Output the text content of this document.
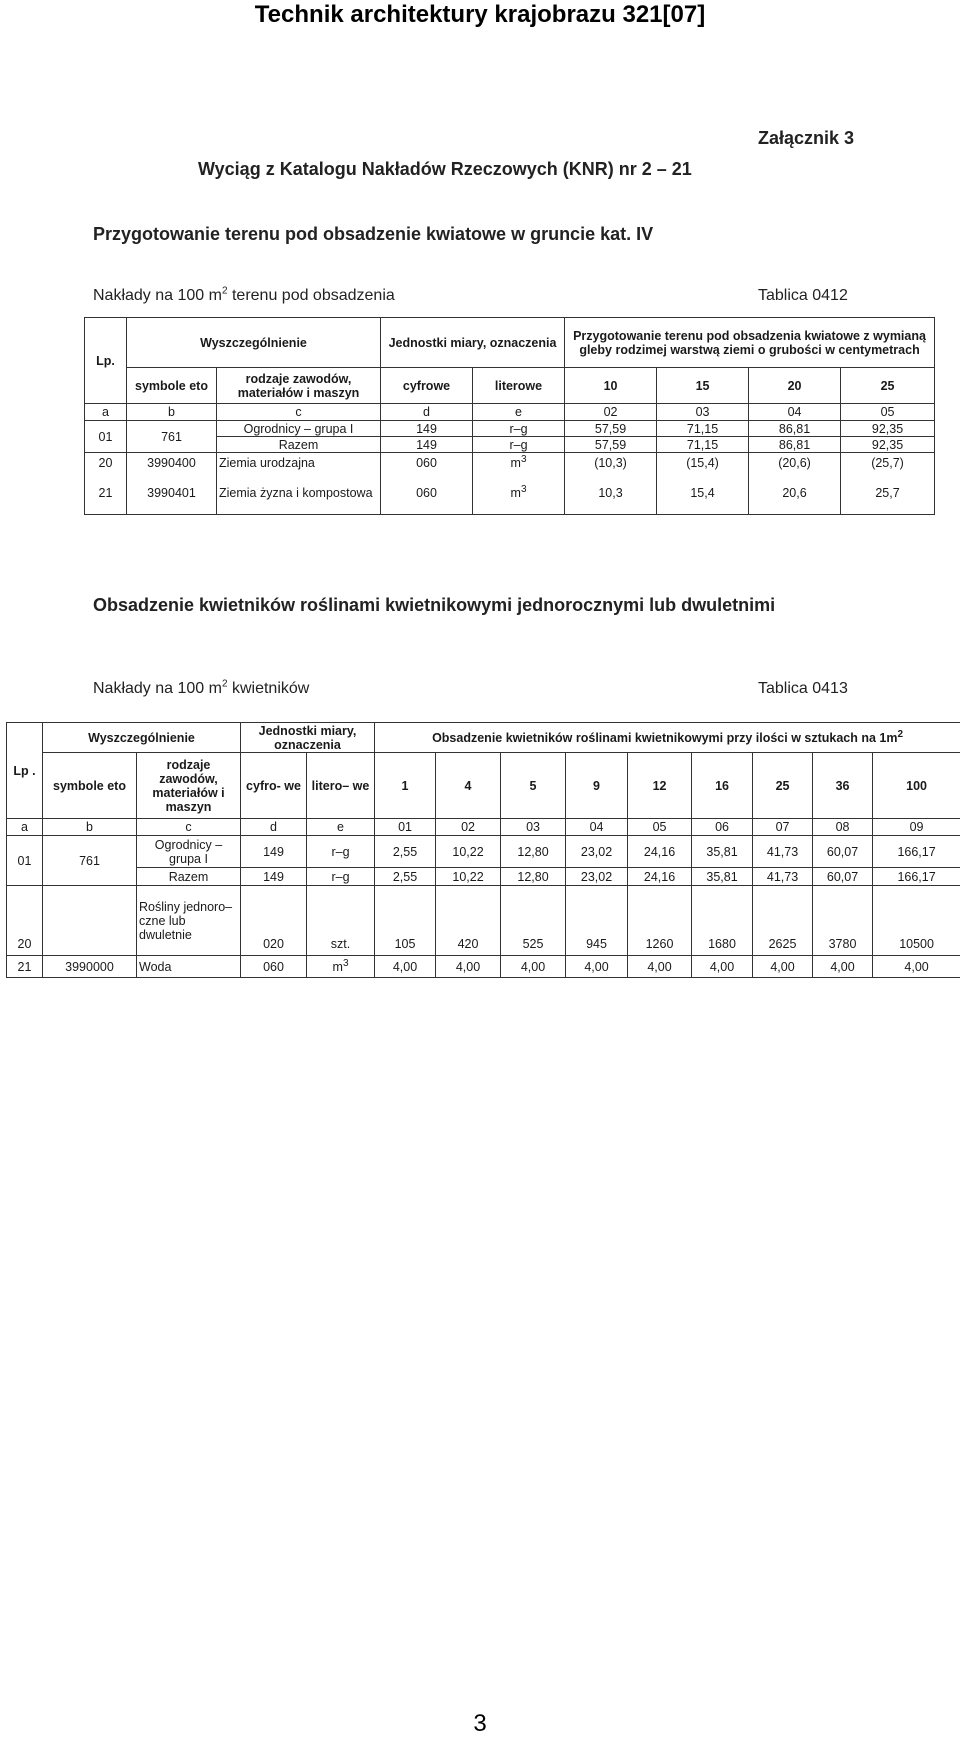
Technik architektury krajobrazu 321[07]
Załącznik 3
Wyciąg z Katalogu Nakładów Rzeczowych (KNR) nr 2 – 21
Przygotowanie terenu pod obsadzenie kwiatowe w gruncie kat. IV
Nakłady na 100 $m^2$ terenu pod obsadzenia	Tablica 0412
Lp.	Wyszczególnienie		Jednostki miary, oznaczenia		Przygotowanie terenu pod obsadzenia kwiatowe z wymianą gleby rodzimej warstwą ziemi o grubości w centymetrach			
	symbole eto	rodzaje zawodów, materiałów i maszyn	cyfrowe	literowe	10	15	20	25
a	b	c	d	e	02	03	04	05
01	761	Ogrodnicy – grupa I	149	r–g	57,59	71,15	86,81	92,35
		Razem	149	r–g	57,59	71,15	86,81	92,35
20	3990400	Ziemia urodzajna	060	$m^3$	(10,3)	(15,4)	(20,6)	(25,7)
21	3990401	Ziemia żyzna i kompostowa	060	$m^3$	10,3	15,4	20,6	25,7
Obsadzenie kwietników roślinami kwietnikowymi jednorocznymi lub dwuletnimi
Nakłady na 100 $m^2$ kwietników	Tablica 0413
Lp .	Wyszczególnienie		Jednostki miary, oznaczenia		Obsadzenie kwietników roślinami kwietnikowymi przy ilości w sztukach na $1m^2$
	symbole eto	rodzaje zawodów, materiałów i maszyn	cyfro- we	litero– we	1	4	5	9	12	16	25	36	100
a	b	c	d	e	01	02	03	04	05	06	07	08	09
01	761	Ogrodnicy – grupa I	149	r–g	2,55	10,22	12,80	23,02	24,16	35,81	41,73	60,07	166,17
		Razem	149	r–g	2,55	10,22	12,80	23,02	24,16	35,81	41,73	60,07	166,17
20		Rośliny jednoro– czne lub dwuletnie	020	szt.	105	420	525	945	1260	1680	2625	3780	10500
21	3990000	Woda	060	$m^3$	4,00	4,00	4,00	4,00	4,00	4,00	4,00	4,00	4,00
3
